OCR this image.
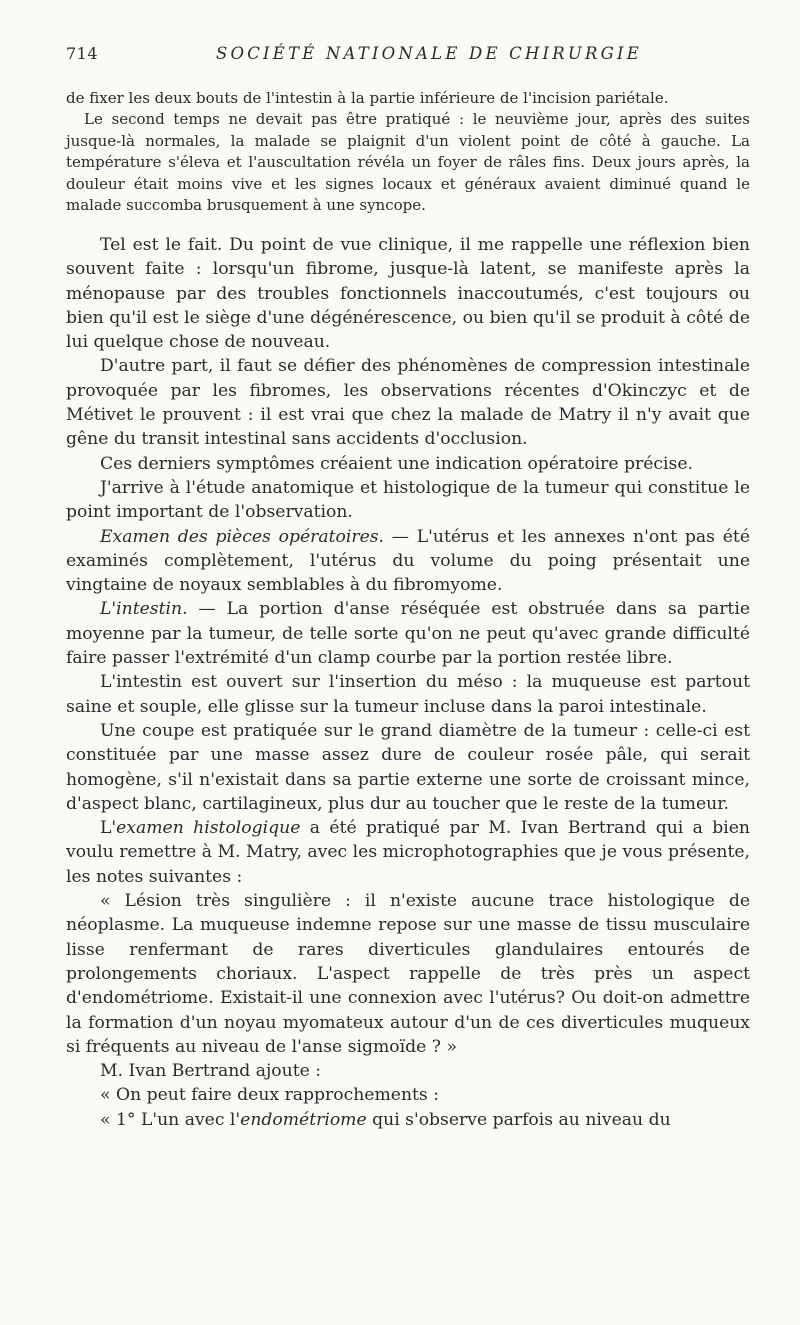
714	SOCIÉTÉ NATIONALE DE CHIRURGIE

de fixer les deux bouts de l'intestin à la partie inférieure de l'incision pariétale.

Le second temps ne devait pas être pratiqué : le neuvième jour, après des suites jusque-là normales, la malade se plaignit d'un violent point de côté à gauche. La température s'éleva et l'auscultation révéla un foyer de râles fins. Deux jours après, la douleur était moins vive et les signes locaux et généraux avaient diminué quand le malade succomba brusquement à une syncope.

Tel est le fait. Du point de vue clinique, il me rappelle une réflexion bien souvent faite : lorsqu'un fibrome, jusque-là latent, se manifeste après la ménopause par des troubles fonctionnels inaccoutumés, c'est toujours ou bien qu'il est le siège d'une dégénérescence, ou bien qu'il se produit à côté de lui quelque chose de nouveau.

D'autre part, il faut se défier des phénomènes de compression intestinale provoquée par les fibromes, les observations récentes d'Okinczyc et de Métivet le prouvent : il est vrai que chez la malade de Matry il n'y avait que gêne du transit intestinal sans accidents d'occlusion.

Ces derniers symptômes créaient une indication opératoire précise.

J'arrive à l'étude anatomique et histologique de la tumeur qui constitue le point important de l'observation.

Examen des pièces opératoires. — L'utérus et les annexes n'ont pas été examinés complètement, l'utérus du volume du poing présentait une vingtaine de noyaux semblables à du fibromyome.

L'intestin. — La portion d'anse réséquée est obstruée dans sa partie moyenne par la tumeur, de telle sorte qu'on ne peut qu'avec grande difficulté faire passer l'extrémité d'un clamp courbe par la portion restée libre.

L'intestin est ouvert sur l'insertion du méso : la muqueuse est partout saine et souple, elle glisse sur la tumeur incluse dans la paroi intestinale.

Une coupe est pratiquée sur le grand diamètre de la tumeur : celle-ci est constituée par une masse assez dure de couleur rosée pâle, qui serait homogène, s'il n'existait dans sa partie externe une sorte de croissant mince, d'aspect blanc, cartilagineux, plus dur au toucher que le reste de la tumeur.

L'examen histologique a été pratiqué par M. Ivan Bertrand qui a bien voulu remettre à M. Matry, avec les microphotographies que je vous présente, les notes suivantes :

« Lésion très singulière : il n'existe aucune trace histologique de néoplasme. La muqueuse indemne repose sur une masse de tissu musculaire lisse renfermant de rares diverticules glandulaires entourés de prolongements choriaux. L'aspect rappelle de très près un aspect d'endométriome. Existait-il une connexion avec l'utérus? Ou doit-on admettre la formation d'un noyau myomateux autour d'un de ces diverticules muqueux si fréquents au niveau de l'anse sigmoïde ? »

M. Ivan Bertrand ajoute :

« On peut faire deux rapprochements :

« 1° L'un avec l'endométriome qui s'observe parfois au niveau du
